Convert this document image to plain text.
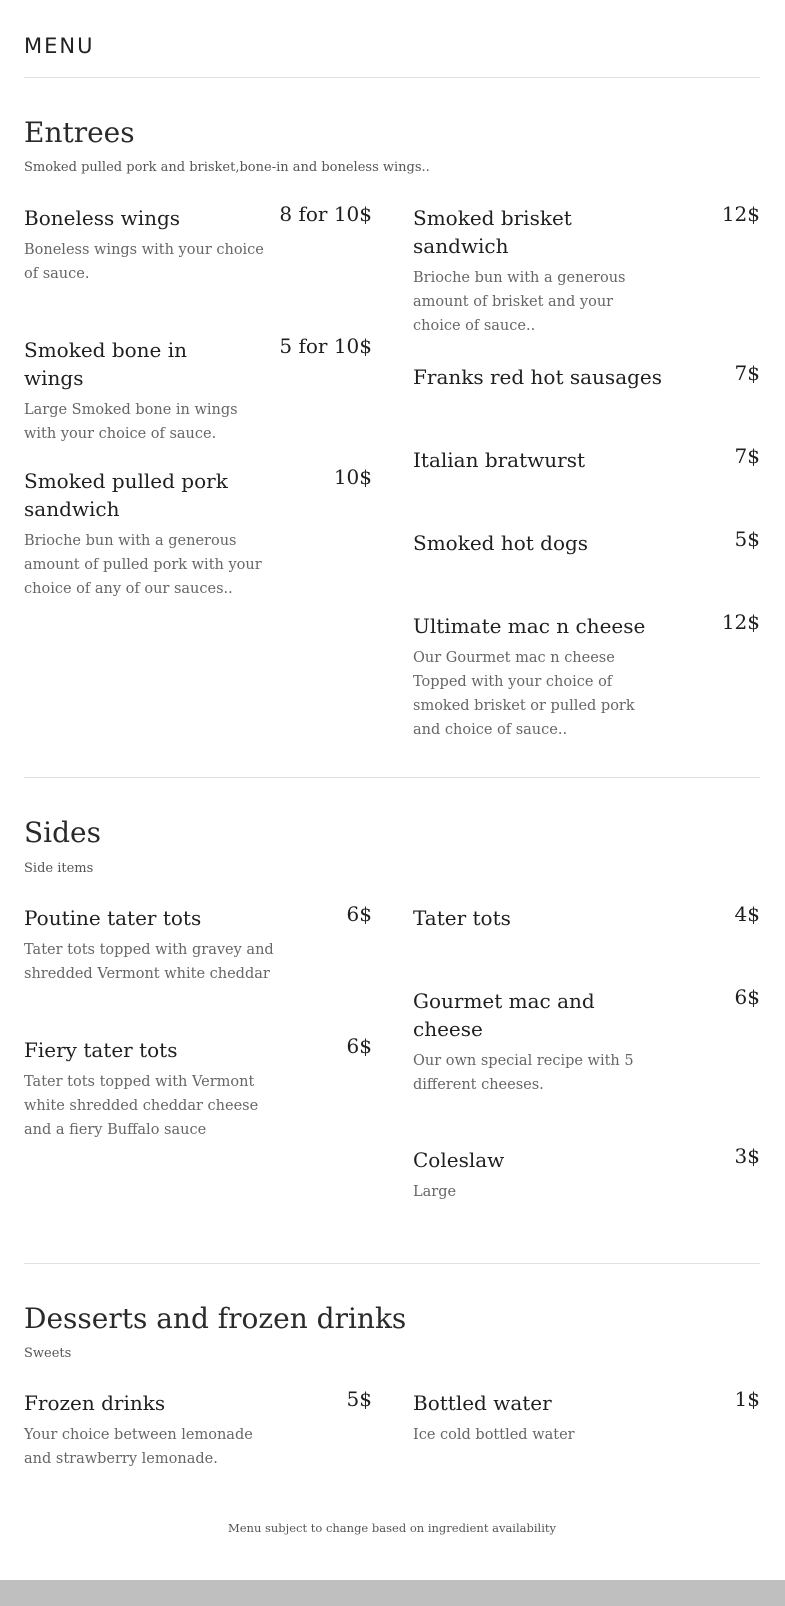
MENU
Entrees

Smoked pulled pork and brisket,bone-in and boneless wings..

Boneless wings	8 for 10$
Boneless wings with your choice of sauce.
Smoked bone in wings
5 for 10$
Large Smoked bone in wings with your choice of sauce.
Smoked pulled pork sandwich
10$
Brioche bun with a generous amount of pulled pork with your choice of any of our sauces..
Smoked brisket sandwich
12$
Brioche bun with a generous amount of brisket and your choice of sauce..
Franks red hot sausages	7$
Italian bratwurst	7$
Smoked hot dogs	5$
Ultimate mac n cheese	12$
Our Gourmet mac n cheese Topped with your choice of smoked brisket or pulled pork and choice of sauce..
Sides

Side items

Poutine tater tots	6$
Tater tots topped with gravey and shredded Vermont white cheddar
Fiery tater tots	6$
Tater tots topped with Vermont white shredded cheddar cheese and a fiery Buffalo sauce
Tater tots	4$
Gourmet mac and cheese
6$
Our own special recipe with 5 different cheeses.
Coleslaw	3$
Large
Desserts and frozen drinks

Sweets

Frozen drinks	5$
Your choice between lemonade and strawberry lemonade.
Bottled water	1$
Ice cold bottled water
Menu subject to change based on ingredient availability
